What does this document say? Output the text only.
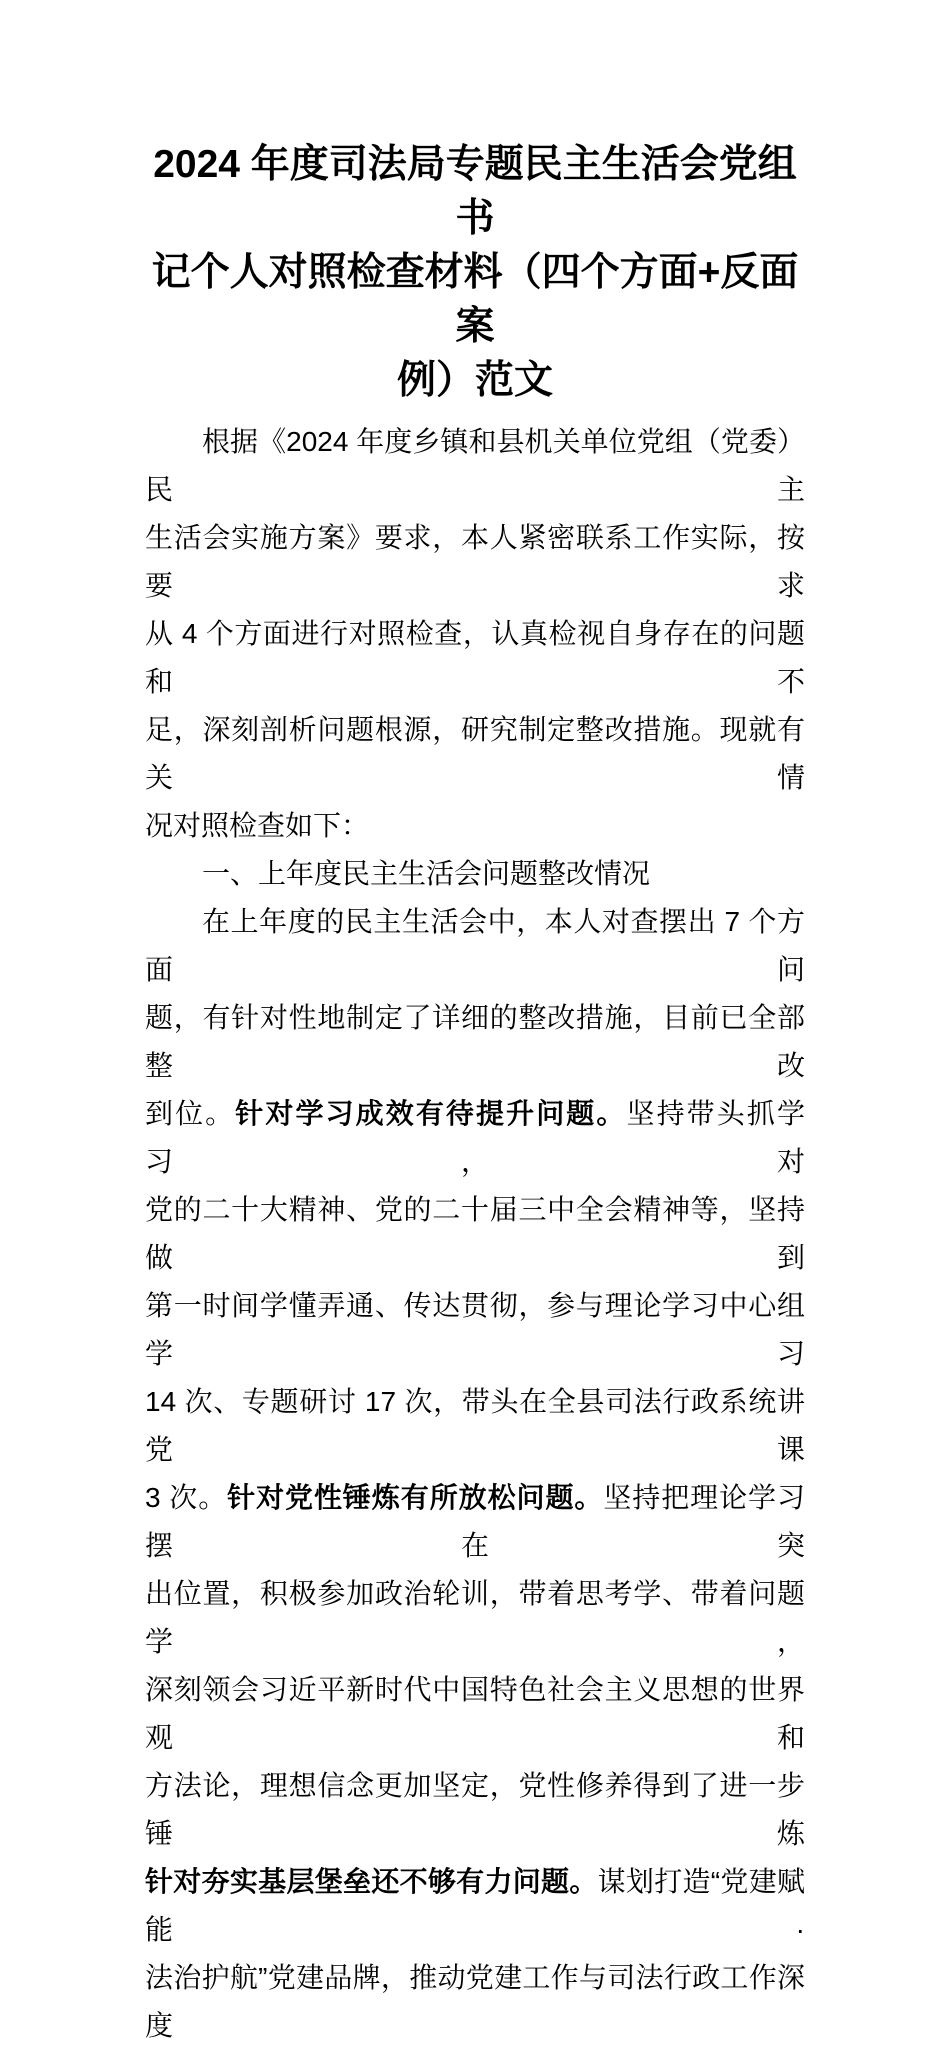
2024 年度司法局专题民主生活会党组书
记个人对照检查材料（四个方面+反面案
例）范文
根据《2024 年度乡镇和县机关单位党组（党委）民主
生活会实施方案》要求，本人紧密联系工作实际，按要求
从 4 个方面进行对照检查，认真检视自身存在的问题和不
足，深刻剖析问题根源，研究制定整改措施。现就有关情
况对照检查如下：
一、上年度民主生活会问题整改情况
在上年度的民主生活会中，本人对查摆出 7 个方面问
题，有针对性地制定了详细的整改措施，目前已全部整改
到位。针对学习成效有待提升问题。坚持带头抓学习，对
党的二十大精神、党的二十届三中全会精神等，坚持做到
第一时间学懂弄通、传达贯彻，参与理论学习中心组学习
14 次、专题研讨 17 次，带头在全县司法行政系统讲党课
3 次。针对党性锤炼有所放松问题。坚持把理论学习摆在突
出位置，积极参加政治轮训，带着思考学、带着问题学，
深刻领会习近平新时代中国特色社会主义思想的世界观和
方法论，理想信念更加坚定，党性修养得到了进一步锤炼
针对夯实基层堡垒还不够有力问题。谋划打造“党建赋能·
法治护航”党建品牌，推动党建工作与司法行政工作深度
